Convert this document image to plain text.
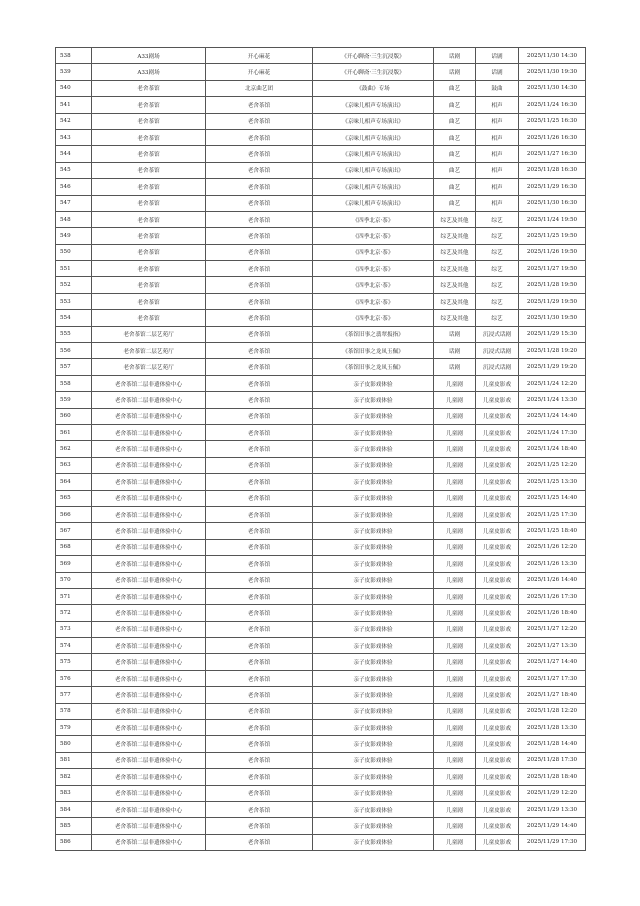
538	A33剧场	开心麻花	《开心聊斋·三生沉浸版》	话剧	话剧	2025/11/30 14:30
539	A33剧场	开心麻花	《开心聊斋·三生沉浸版》	话剧	话剧	2025/11/30 19:30
540	老舍茶馆	北京曲艺团	《鼓曲》专场	曲艺	鼓曲	2025/11/30 14:30
541	老舍茶馆	老舍茶馆	《京味儿相声专场演出》	曲艺	相声	2025/11/24 16:30
542	老舍茶馆	老舍茶馆	《京味儿相声专场演出》	曲艺	相声	2025/11/25 16:30
543	老舍茶馆	老舍茶馆	《京味儿相声专场演出》	曲艺	相声	2025/11/26 16:30
544	老舍茶馆	老舍茶馆	《京味儿相声专场演出》	曲艺	相声	2025/11/27 16:30
545	老舍茶馆	老舍茶馆	《京味儿相声专场演出》	曲艺	相声	2025/11/28 16:30
546	老舍茶馆	老舍茶馆	《京味儿相声专场演出》	曲艺	相声	2025/11/29 16:30
547	老舍茶馆	老舍茶馆	《京味儿相声专场演出》	曲艺	相声	2025/11/30 16:30
548	老舍茶馆	老舍茶馆	《四季北京·茶》	综艺及其他	综艺	2025/11/24 19:50
549	老舍茶馆	老舍茶馆	《四季北京·茶》	综艺及其他	综艺	2025/11/25 19:50
550	老舍茶馆	老舍茶馆	《四季北京·茶》	综艺及其他	综艺	2025/11/26 19:50
551	老舍茶馆	老舍茶馆	《四季北京·茶》	综艺及其他	综艺	2025/11/27 19:50
552	老舍茶馆	老舍茶馆	《四季北京·茶》	综艺及其他	综艺	2025/11/28 19:50
553	老舍茶馆	老舍茶馆	《四季北京·茶》	综艺及其他	综艺	2025/11/29 19:50
554	老舍茶馆	老舍茶馆	《四季北京·茶》	综艺及其他	综艺	2025/11/30 19:50
555	老舍茶馆二层艺苑厅	老舍茶馆	《茶馆旧事之翡翠扳指》	话剧	沉浸式话剧	2025/11/29 15:30
556	老舍茶馆二层艺苑厅	老舍茶馆	《茶馆旧事之龙凤玉佩》	话剧	沉浸式话剧	2025/11/28 19:20
557	老舍茶馆二层艺苑厅	老舍茶馆	《茶馆旧事之龙凤玉佩》	话剧	沉浸式话剧	2025/11/29 19:20
558	老舍茶馆二层非遗体验中心	老舍茶馆	亲子皮影戏体验	儿童剧	儿童皮影戏	2025/11/24 12:20
559	老舍茶馆二层非遗体验中心	老舍茶馆	亲子皮影戏体验	儿童剧	儿童皮影戏	2025/11/24 13:30
560	老舍茶馆二层非遗体验中心	老舍茶馆	亲子皮影戏体验	儿童剧	儿童皮影戏	2025/11/24 14:40
561	老舍茶馆二层非遗体验中心	老舍茶馆	亲子皮影戏体验	儿童剧	儿童皮影戏	2025/11/24 17:30
562	老舍茶馆二层非遗体验中心	老舍茶馆	亲子皮影戏体验	儿童剧	儿童皮影戏	2025/11/24 18:40
563	老舍茶馆二层非遗体验中心	老舍茶馆	亲子皮影戏体验	儿童剧	儿童皮影戏	2025/11/25 12:20
564	老舍茶馆二层非遗体验中心	老舍茶馆	亲子皮影戏体验	儿童剧	儿童皮影戏	2025/11/25 13:30
565	老舍茶馆二层非遗体验中心	老舍茶馆	亲子皮影戏体验	儿童剧	儿童皮影戏	2025/11/25 14:40
566	老舍茶馆二层非遗体验中心	老舍茶馆	亲子皮影戏体验	儿童剧	儿童皮影戏	2025/11/25 17:30
567	老舍茶馆二层非遗体验中心	老舍茶馆	亲子皮影戏体验	儿童剧	儿童皮影戏	2025/11/25 18:40
568	老舍茶馆二层非遗体验中心	老舍茶馆	亲子皮影戏体验	儿童剧	儿童皮影戏	2025/11/26 12:20
569	老舍茶馆二层非遗体验中心	老舍茶馆	亲子皮影戏体验	儿童剧	儿童皮影戏	2025/11/26 13:30
570	老舍茶馆二层非遗体验中心	老舍茶馆	亲子皮影戏体验	儿童剧	儿童皮影戏	2025/11/26 14:40
571	老舍茶馆二层非遗体验中心	老舍茶馆	亲子皮影戏体验	儿童剧	儿童皮影戏	2025/11/26 17:30
572	老舍茶馆二层非遗体验中心	老舍茶馆	亲子皮影戏体验	儿童剧	儿童皮影戏	2025/11/26 18:40
573	老舍茶馆二层非遗体验中心	老舍茶馆	亲子皮影戏体验	儿童剧	儿童皮影戏	2025/11/27 12:20
574	老舍茶馆二层非遗体验中心	老舍茶馆	亲子皮影戏体验	儿童剧	儿童皮影戏	2025/11/27 13:30
575	老舍茶馆二层非遗体验中心	老舍茶馆	亲子皮影戏体验	儿童剧	儿童皮影戏	2025/11/27 14:40
576	老舍茶馆二层非遗体验中心	老舍茶馆	亲子皮影戏体验	儿童剧	儿童皮影戏	2025/11/27 17:30
577	老舍茶馆二层非遗体验中心	老舍茶馆	亲子皮影戏体验	儿童剧	儿童皮影戏	2025/11/27 18:40
578	老舍茶馆二层非遗体验中心	老舍茶馆	亲子皮影戏体验	儿童剧	儿童皮影戏	2025/11/28 12:20
579	老舍茶馆二层非遗体验中心	老舍茶馆	亲子皮影戏体验	儿童剧	儿童皮影戏	2025/11/28 13:30
580	老舍茶馆二层非遗体验中心	老舍茶馆	亲子皮影戏体验	儿童剧	儿童皮影戏	2025/11/28 14:40
581	老舍茶馆二层非遗体验中心	老舍茶馆	亲子皮影戏体验	儿童剧	儿童皮影戏	2025/11/28 17:30
582	老舍茶馆二层非遗体验中心	老舍茶馆	亲子皮影戏体验	儿童剧	儿童皮影戏	2025/11/28 18:40
583	老舍茶馆二层非遗体验中心	老舍茶馆	亲子皮影戏体验	儿童剧	儿童皮影戏	2025/11/29 12:20
584	老舍茶馆二层非遗体验中心	老舍茶馆	亲子皮影戏体验	儿童剧	儿童皮影戏	2025/11/29 13:30
585	老舍茶馆二层非遗体验中心	老舍茶馆	亲子皮影戏体验	儿童剧	儿童皮影戏	2025/11/29 14:40
586	老舍茶馆二层非遗体验中心	老舍茶馆	亲子皮影戏体验	儿童剧	儿童皮影戏	2025/11/29 17:30
